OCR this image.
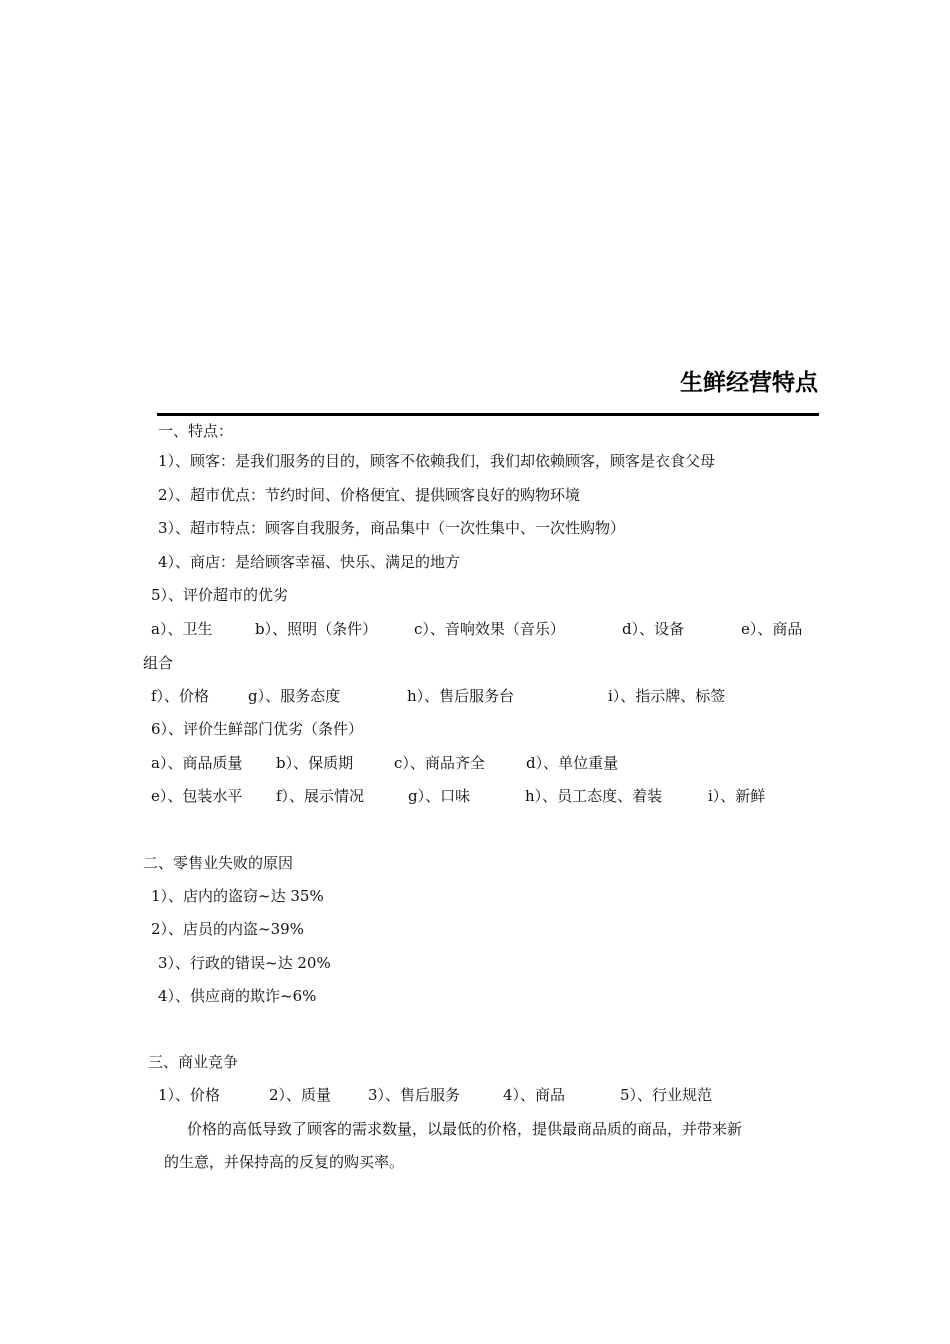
生鲜经营特点
一、特点：
1）、顾客：是我们服务的目的，顾客不依赖我们，我们却依赖顾客，顾客是衣食父母
2）、超市优点：节约时间、价格便宜、提供顾客良好的购物环境
3）、超市特点：顾客自我服务，商品集中（一次性集中、一次性购物）
4）、商店：是给顾客幸福、快乐、满足的地方
5）、评价超市的优劣
a）、卫生	b）、照明（条件） c）、音响效果（音乐）	d）、设备	e）、商品
组合
f）、价格	g）、服务态度	h）、售后服务台	i）、指示牌、标签
6）、评价生鲜部门优劣（条件）
a）、商品质量 b）、保质期	c）、商品齐全	d）、单位重量
e）、包装水平 f）、展示情况	g）、口味	h）、员工态度、着装	i）、新鲜
二、零售业失败的原因
1）、店内的盗窃~达 35%
2）、店员的内盗~39%
3）、行政的错误~达 20%
4）、供应商的欺诈~6%
三、商业竞争
1）、价格	2）、质量 3）、售后服务	4）、商品	5）、行业规范
价格的高低导致了顾客的需求数量，以最低的价格，提供最商品质的商品，并带来新
的生意，并保持高的反复的购买率。
